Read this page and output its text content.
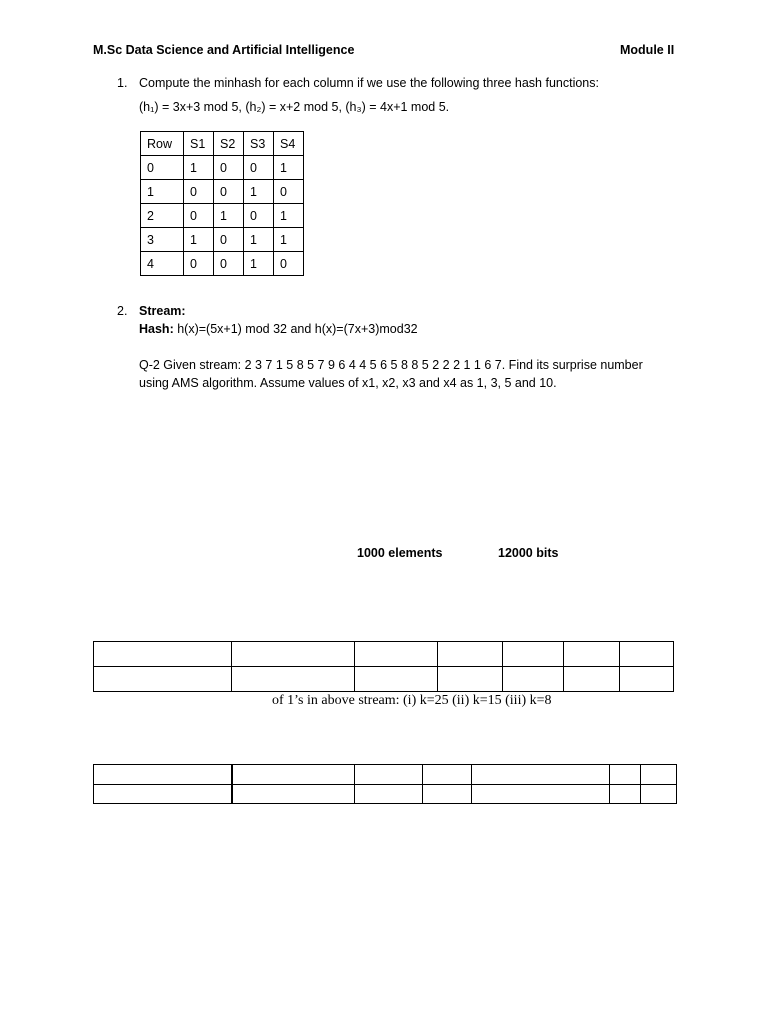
M.Sc Data Science and Artificial Intelligence	Module II
1. Compute the minhash for each column if we use the following three hash functions:
(h₁) = 3x+3 mod 5, (h₂) = x+2 mod 5, (h₃) = 4x+1 mod 5.
Row	S1	S2	S3	S4
0	1	0	0	1
1	0	0	1	0
2	0	1	0	1
3	1	0	1	1
4	0	0	1	0
2. Stream:
Hash: h(x)=(5x+1) mod 32 and h(x)=(7x+3)mod32
Q-2 Given stream: 2 3 7 1 5 8 5 7 9 6 4 4 5 6 5 8 8 5 2 2 2 1 1 6 7. Find its surprise number
using AMS algorithm. Assume values of x1, x2, x3 and x4 as 1, 3, 5 and 10.
1000 elements	12000 bits

of 1’s in above stream: (i) k=25 (ii) k=15 (iii) k=8
